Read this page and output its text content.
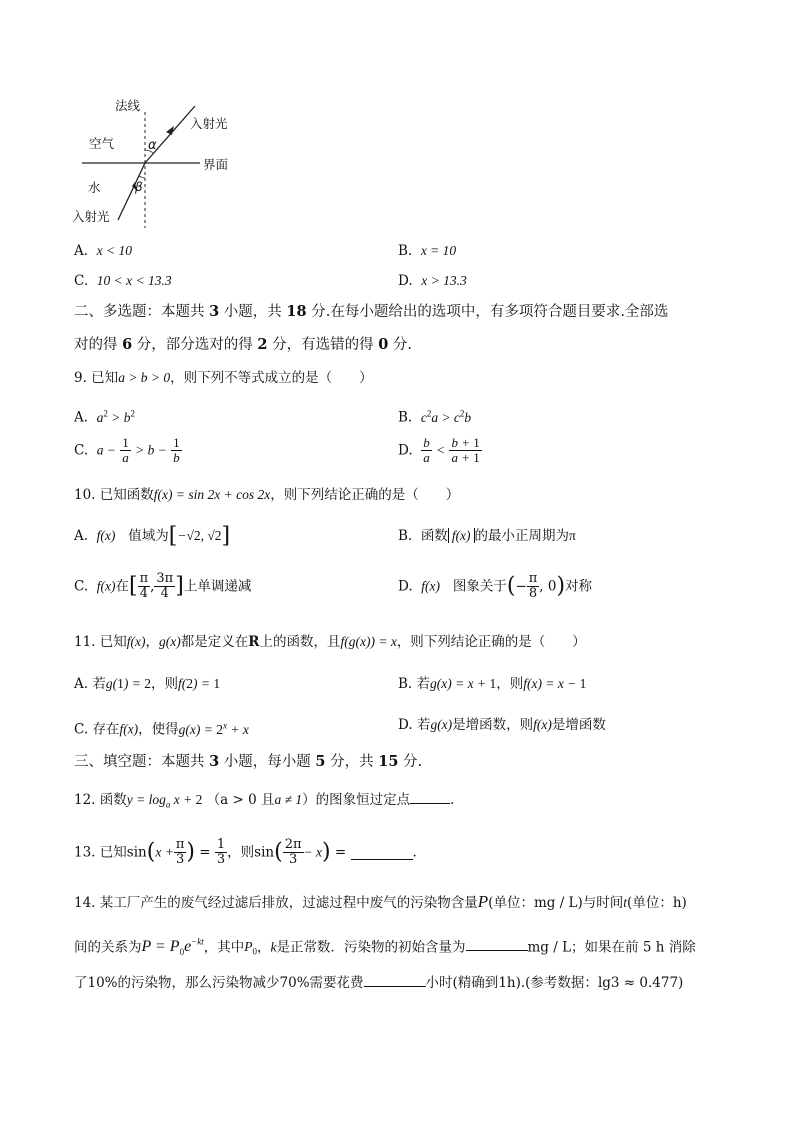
法线
入射光
空气	α
界面
水	β
入射光
A. x < 10	B. x = 10
C. 10 < x < 13.3	D. x > 13.3
二、多选题：本题共 3 小题，共 18 分.在每小题给出的选项中，有多项符合题目要求.全部选
对的得 6 分，部分选对的得 2 分，有选错的得 0 分.
9. 已知a > b > 0，则下列不等式成立的是（　　）
A. $a^2 > b^2$	B. $c^2a > c^2b$
C. $a - \frac{1}{a} > b - \frac{1}{b}$	D. $\frac{b}{a} < \frac{b + 1}{a + 1}$
10. 已知函数f(x) = sin 2x + cos 2x，则下列结论正确的是（　　）
A. f(x) 值域为[−√2, √2]	B. 函数 f(x) 的最小正周期为π
C. f(x)在[ $\frac{\pi}{4}$ , $\frac{3\pi}{4}$ ]上单调递减	D. f(x) 图象关于(− $\frac{\pi}{8}$ , 0)对称
11. 已知f(x)，g(x)都是定义在R上的函数，且f(g(x)) = x，则下列结论正确的是（　　）
A. 若g(1) = 2，则f(2) = 1	B. 若g(x) = x + 1，则f(x) = x − 1
C. 存在f(x)，使得$g(x) = 2^x + x$	D. 若g(x)是增函数，则f(x)是增函数
三、填空题：本题共 3 小题，每小题 5 分，共 15 分.
12. 函数$y = \log_a x + 2$ （a > 0 且a ≠ 1）的图象恒过定点	.
13. 已知$\sin(x + \frac{\pi}{3}$ ) = $\frac{1}{3}$ ，则$\sin( \frac{2\pi}{3} - x)$ =	.
14. 某工厂产生的废气经过滤后排放，过滤过程中废气的污染物含量P(单位：mg / L)与时间t(单位：h)
间的关系为$P = P_0e^{-kt}$，其中$P_0$，k是正常数．污染物的初始含量为	mg / L；如果在前 5 h 消除
了10%的污染物，那么污染物减少70%需要花费	小时(精确到1h).(参考数据：lg3 ≈ 0.477)
